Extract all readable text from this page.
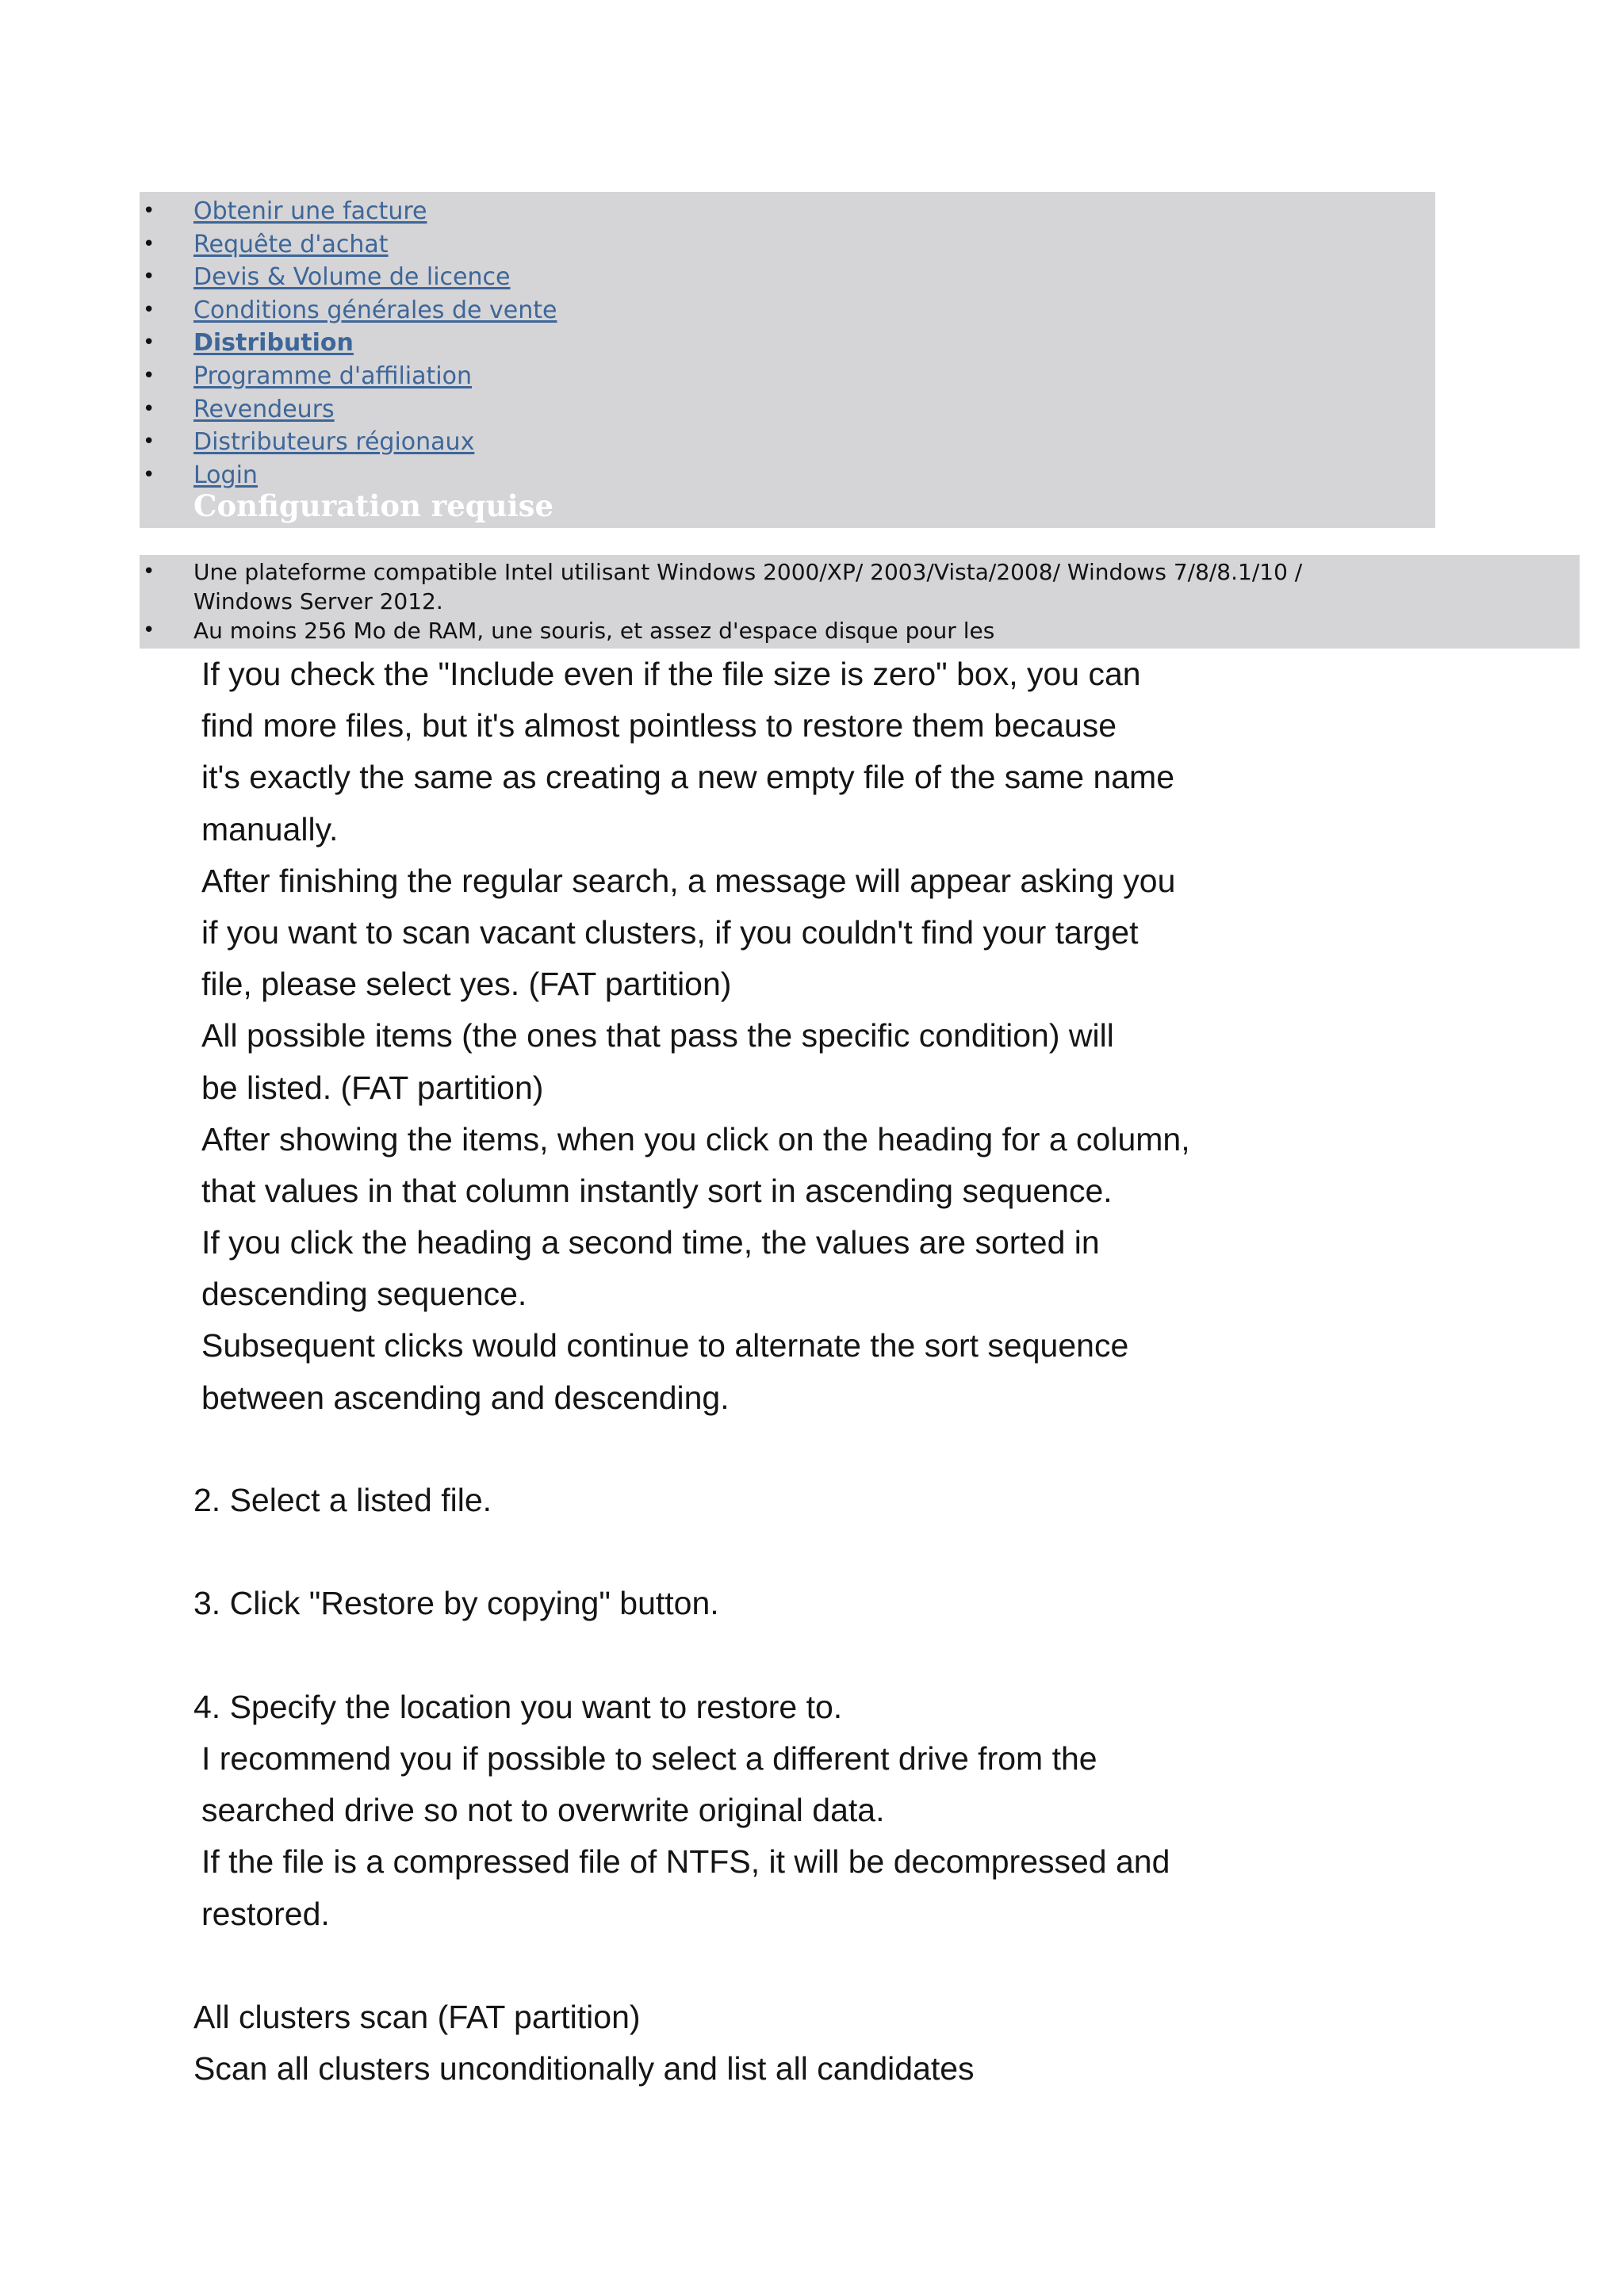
• Obtenir une facture
• Requête d'achat
• Devis & Volume de licence
• Conditions générales de vente
• Distribution
• Programme d'affiliation
• Revendeurs
• Distributeurs régionaux
• Login
Configuration requise
• Une plateforme compatible Intel utilisant Windows 2000/XP/ 2003/Vista/2008/ Windows 7/8/8.1/10 /
Windows Server 2012.
• Au moins 256 Mo de RAM, une souris, et assez d'espace disque pour les
If you check the "Include even if the file size is zero" box, you can
find more files, but it's almost pointless to restore them because
it's exactly the same as creating a new empty file of the same name
manually.
After finishing the regular search, a message will appear asking you
if you want to scan vacant clusters, if you couldn't find your target
file, please select yes. (FAT partition)
All possible items (the ones that pass the specific condition) will
be listed. (FAT partition)
After showing the items, when you click on the heading for a column,
that values in that column instantly sort in ascending sequence.
If you click the heading a second time, the values are sorted in
descending sequence.
Subsequent clicks would continue to alternate the sort sequence
between ascending and descending.
2. Select a listed file.
3. Click "Restore by copying" button.
4. Specify the location you want to restore to.
I recommend you if possible to select a different drive from the
searched drive so not to overwrite original data.
If the file is a compressed file of NTFS, it will be decompressed and
restored.
All clusters scan (FAT partition)
Scan all clusters unconditionally and list all candidates
